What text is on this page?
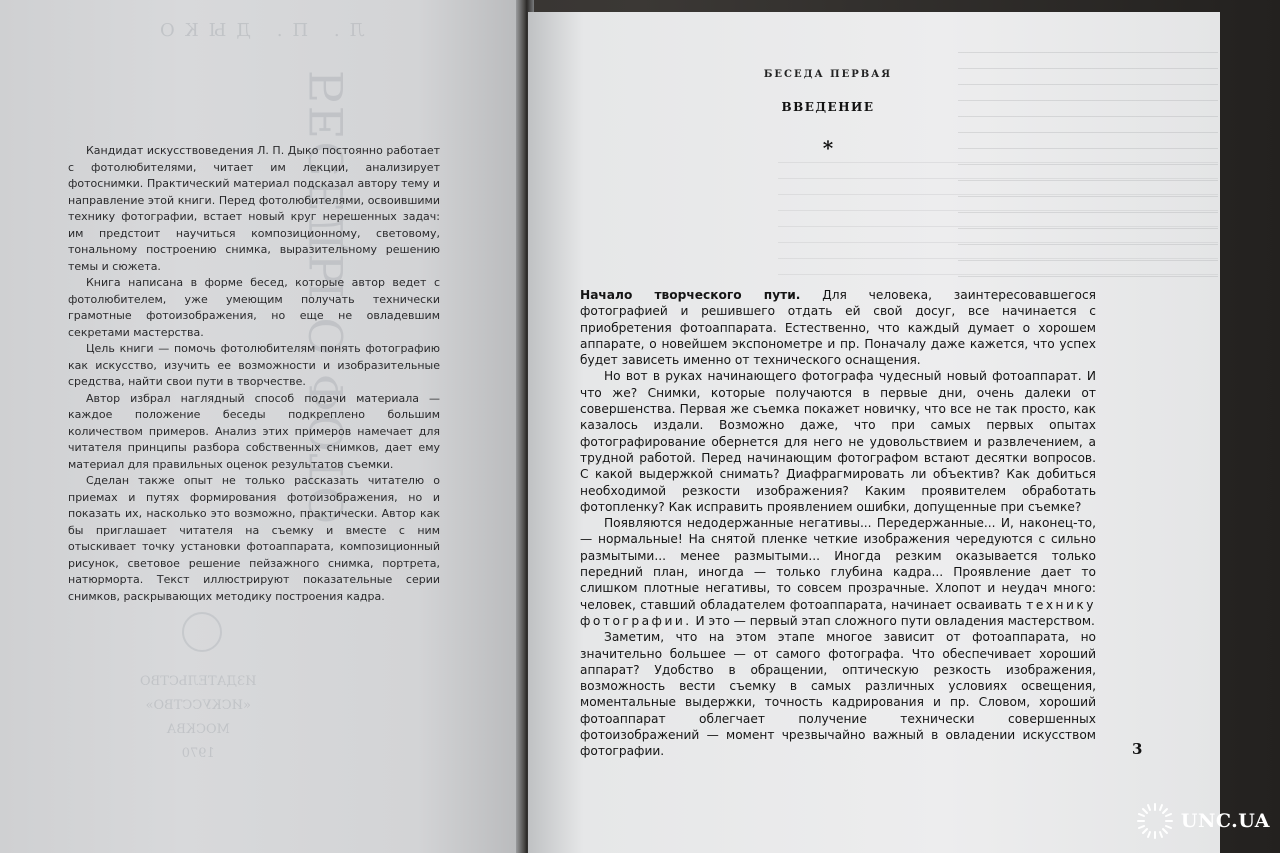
Л. П. ДЫКО
БЕСЕДЫ О ФОТО
ИЗДАТЕЛЬСТВО
«ИСКУССТВО»
МОСКВА
1970

Кандидат искусствоведения Л. П. Дыко постоянно работает с фотолюбителями, читает им лекции, анализирует фотоснимки. Практический материал подсказал автору тему и направление этой книги. Перед фотолюбителями, освоившими технику фотографии, встает новый круг нерешенных задач: им предстоит научиться композиционному, световому, тональному построению снимка, выразительному решению темы и сюжета.

Книга написана в форме бесед, которые автор ведет с фотолюбителем, уже умеющим получать технически грамотные фотоизображения, но еще не овладевшим секретами мастерства.

Цель книги — помочь фотолюбителям понять фотографию как искусство, изучить ее возможности и изобразительные средства, найти свои пути в творчестве.

Автор избрал наглядный способ подачи материала — каждое положение беседы подкреплено большим количеством примеров. Анализ этих примеров намечает для читателя принципы разбора собственных снимков, дает ему материал для правильных оценок результатов съемки.

Сделан также опыт не только рассказать читателю о приемах и путях формирования фотоизображения, но и показать их, насколько это возможно, практически. Автор как бы приглашает читателя на съемку и вместе с ним отыскивает точку установки фотоаппарата, композиционный рисунок, световое решение пейзажного снимка, портрета, натюрморта. Текст иллюстрируют показательные серии снимков, раскрывающих методику построения кадра.

БЕСЕДА ПЕРВАЯ
ВВЕДЕНИЕ
*

Начало творческого пути. Для человека, заинтересовавшегося фотографией и решившего отдать ей свой досуг, все начинается с приобретения фотоаппарата. Естественно, что каждый думает о хорошем аппарате, о новейшем экспонометре и пр. Поначалу даже кажется, что успех будет зависеть именно от технического оснащения.

Но вот в руках начинающего фотографа чудесный новый фотоаппарат. И что же? Снимки, которые получаются в первые дни, очень далеки от совершенства. Первая же съемка покажет новичку, что все не так просто, как казалось издали. Возможно даже, что при самых первых опытах фотографирование обернется для него не удовольствием и развлечением, а трудной работой. Перед начинающим фотографом встают десятки вопросов. С какой выдержкой снимать? Диафрагмировать ли объектив? Как добиться необходимой резкости изображения? Каким проявителем обработать фотопленку? Как исправить проявлением ошибки, допущенные при съемке?

Появляются недодержанные негативы... Передержанные... И, наконец-то, — нормальные! На снятой пленке четкие изображения чередуются с сильно размытыми... менее размытыми... Иногда резким оказывается только передний план, иногда — только глубина кадра... Проявление дает то слишком плотные негативы, то совсем прозрачные. Хлопот и неудач много: человек, ставший обладателем фотоаппарата, начинает осваивать технику фотографии. И это — первый этап сложного пути овладения мастерством.

Заметим, что на этом этапе многое зависит от фотоаппарата, но значительно большее — от самого фотографа. Что обеспечивает хороший аппарат? Удобство в обращении, оптическую резкость изображения, возможность вести съемку в самых различных условиях освещения, моментальные выдержки, точность кадрирования и пр. Словом, хороший фотоаппарат облегчает получение технически совершенных фотоизображений — момент чрезвычайно важный в овладении искусством фотографии.	3
UNC.UA
